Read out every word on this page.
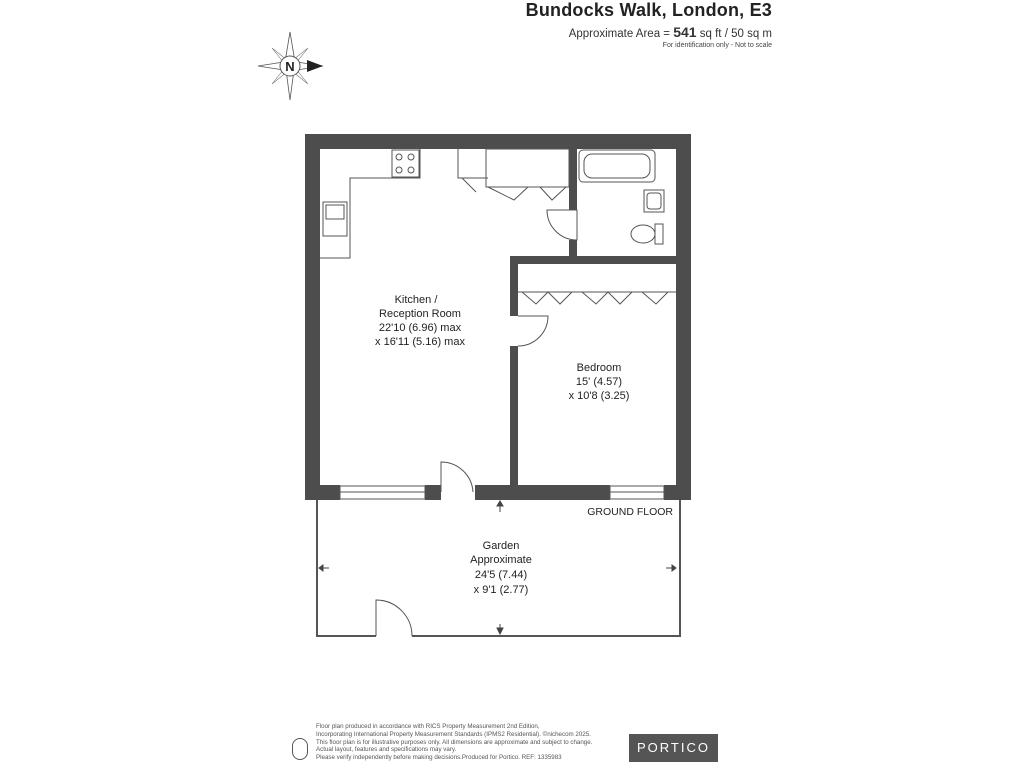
Bundocks Walk, London, E3
Approximate Area = 541 sq ft / 50 sq m
For identification only - Not to scale
N
Kitchen /
Reception Room
22'10 (6.96) max
x 16'11 (5.16) max
Bedroom
15' (4.57)
x 10'8 (3.25)
Garden
Approximate
24'5 (7.44)
x 9'1 (2.77)
GROUND FLOOR
Floor plan produced in accordance with RICS Property Measurement 2nd Edition,
Incorporating International Property Measurement Standards (IPMS2 Residential). ©nichecom 2025.
This floor plan is for illustrative purposes only. All dimensions are approximate and subject to change.
Actual layout, features and specifications may vary.
Please verify independently before making decisions.Produced for Portico. REF: 1335983
PORTICO
